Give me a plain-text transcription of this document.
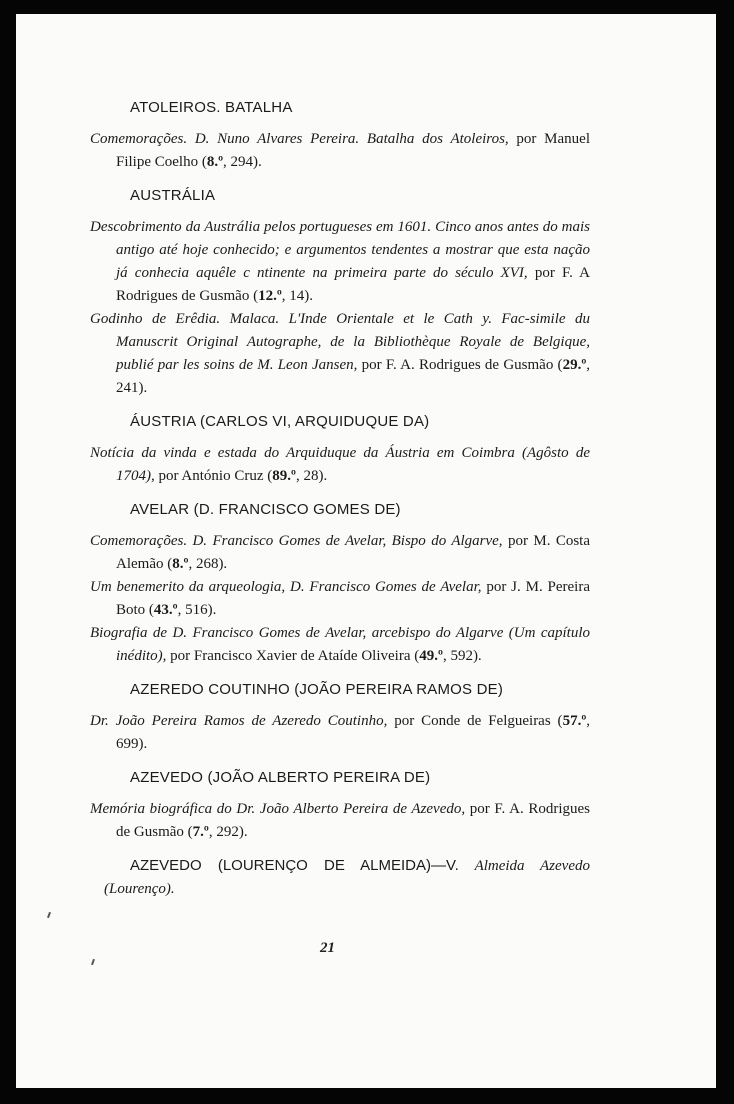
ATOLEIROS. BATALHA

Comemorações. D. Nuno Alvares Pereira. Batalha dos Atoleiros, por Manuel Filipe Coelho (8.º, 294).

AUSTRÁLIA

Descobrimento da Austrália pelos portugueses em 1601. Cinco anos antes do mais antigo até hoje conhecido; e argumentos tendentes a mostrar que esta nação já conhecia aquêle c ntinente na primeira parte do século XVI, por F. A Rodrigues de Gusmão (12.º, 14).

Godinho de Erêdia. Malaca. L'Inde Orientale et le Cath y. Fac-simile du Manuscrit Original Autographe, de la Bibliothèque Royale de Belgique, publié par les soins de M. Leon Jansen, por F. A. Rodrigues de Gusmão (29.º, 241).

ÁUSTRIA (CARLOS VI, ARQUIDUQUE DA)

Notícia da vinda e estada do Arquiduque da Áustria em Coimbra (Agôsto de 1704), por António Cruz (89.º, 28).

AVELAR (D. FRANCISCO GOMES DE)

Comemorações. D. Francisco Gomes de Avelar, Bispo do Algarve, por M. Costa Alemão (8.º, 268).

Um benemerito da arqueologia, D. Francisco Gomes de Avelar, por J. M. Pereira Boto (43.º, 516).

Biografia de D. Francisco Gomes de Avelar, arcebispo do Algarve (Um capítulo inédito), por Francisco Xavier de Ataíde Oliveira (49.º, 592).

AZEREDO COUTINHO (JOÃO PEREIRA RAMOS DE)

Dr. João Pereira Ramos de Azeredo Coutinho, por Conde de Felgueiras (57.º, 699).

AZEVEDO (JOÃO ALBERTO PEREIRA DE)

Memória biográfica do Dr. João Alberto Pereira de Azevedo, por F. A. Rodrigues de Gusmão (7.º, 292).

AZEVEDO (LOURENÇO DE ALMEIDA)—V. Almeida Azevedo (Lourenço).

21
